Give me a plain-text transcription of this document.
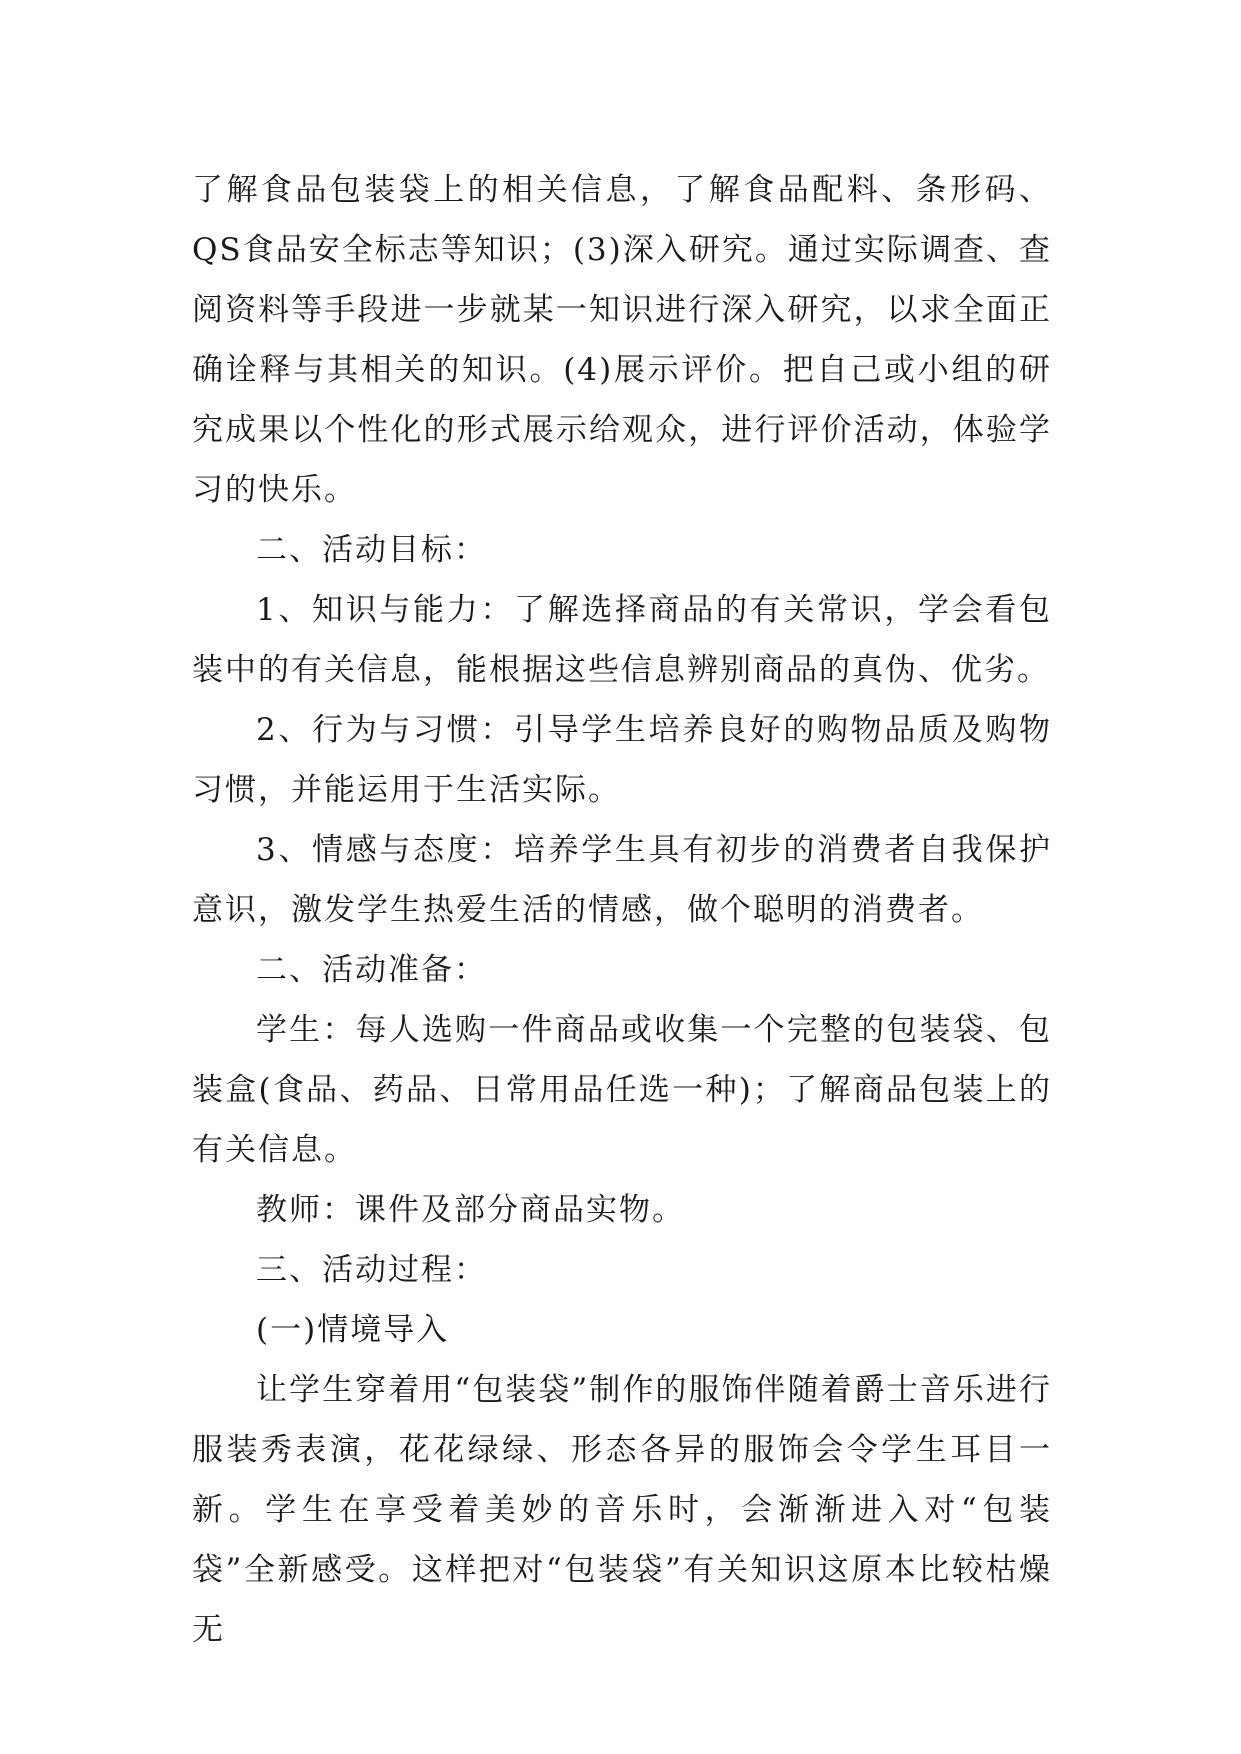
了解食品包装袋上的相关信息，了解食品配料、条形码、QS食品安全标志等知识；(3)深入研究。通过实际调查、查阅资料等手段进一步就某一知识进行深入研究，以求全面正确诠释与其相关的知识。(4)展示评价。把自己或小组的研究成果以个性化的形式展示给观众，进行评价活动，体验学习的快乐。

二、活动目标：

1、知识与能力：了解选择商品的有关常识，学会看包装中的有关信息，能根据这些信息辨别商品的真伪、优劣。

2、行为与习惯：引导学生培养良好的购物品质及购物习惯，并能运用于生活实际。

3、情感与态度：培养学生具有初步的消费者自我保护意识，激发学生热爱生活的情感，做个聪明的消费者。

二、活动准备：

学生：每人选购一件商品或收集一个完整的包装袋、包装盒(食品、药品、日常用品任选一种)；了解商品包装上的有关信息。

教师：课件及部分商品实物。

三、活动过程：

(一)情境导入

让学生穿着用“包装袋”制作的服饰伴随着爵士音乐进行服装秀表演，花花绿绿、形态各异的服饰会令学生耳目一新。学生在享受着美妙的音乐时，会渐渐进入对“包装袋”全新感受。这样把对“包装袋”有关知识这原本比较枯燥无
